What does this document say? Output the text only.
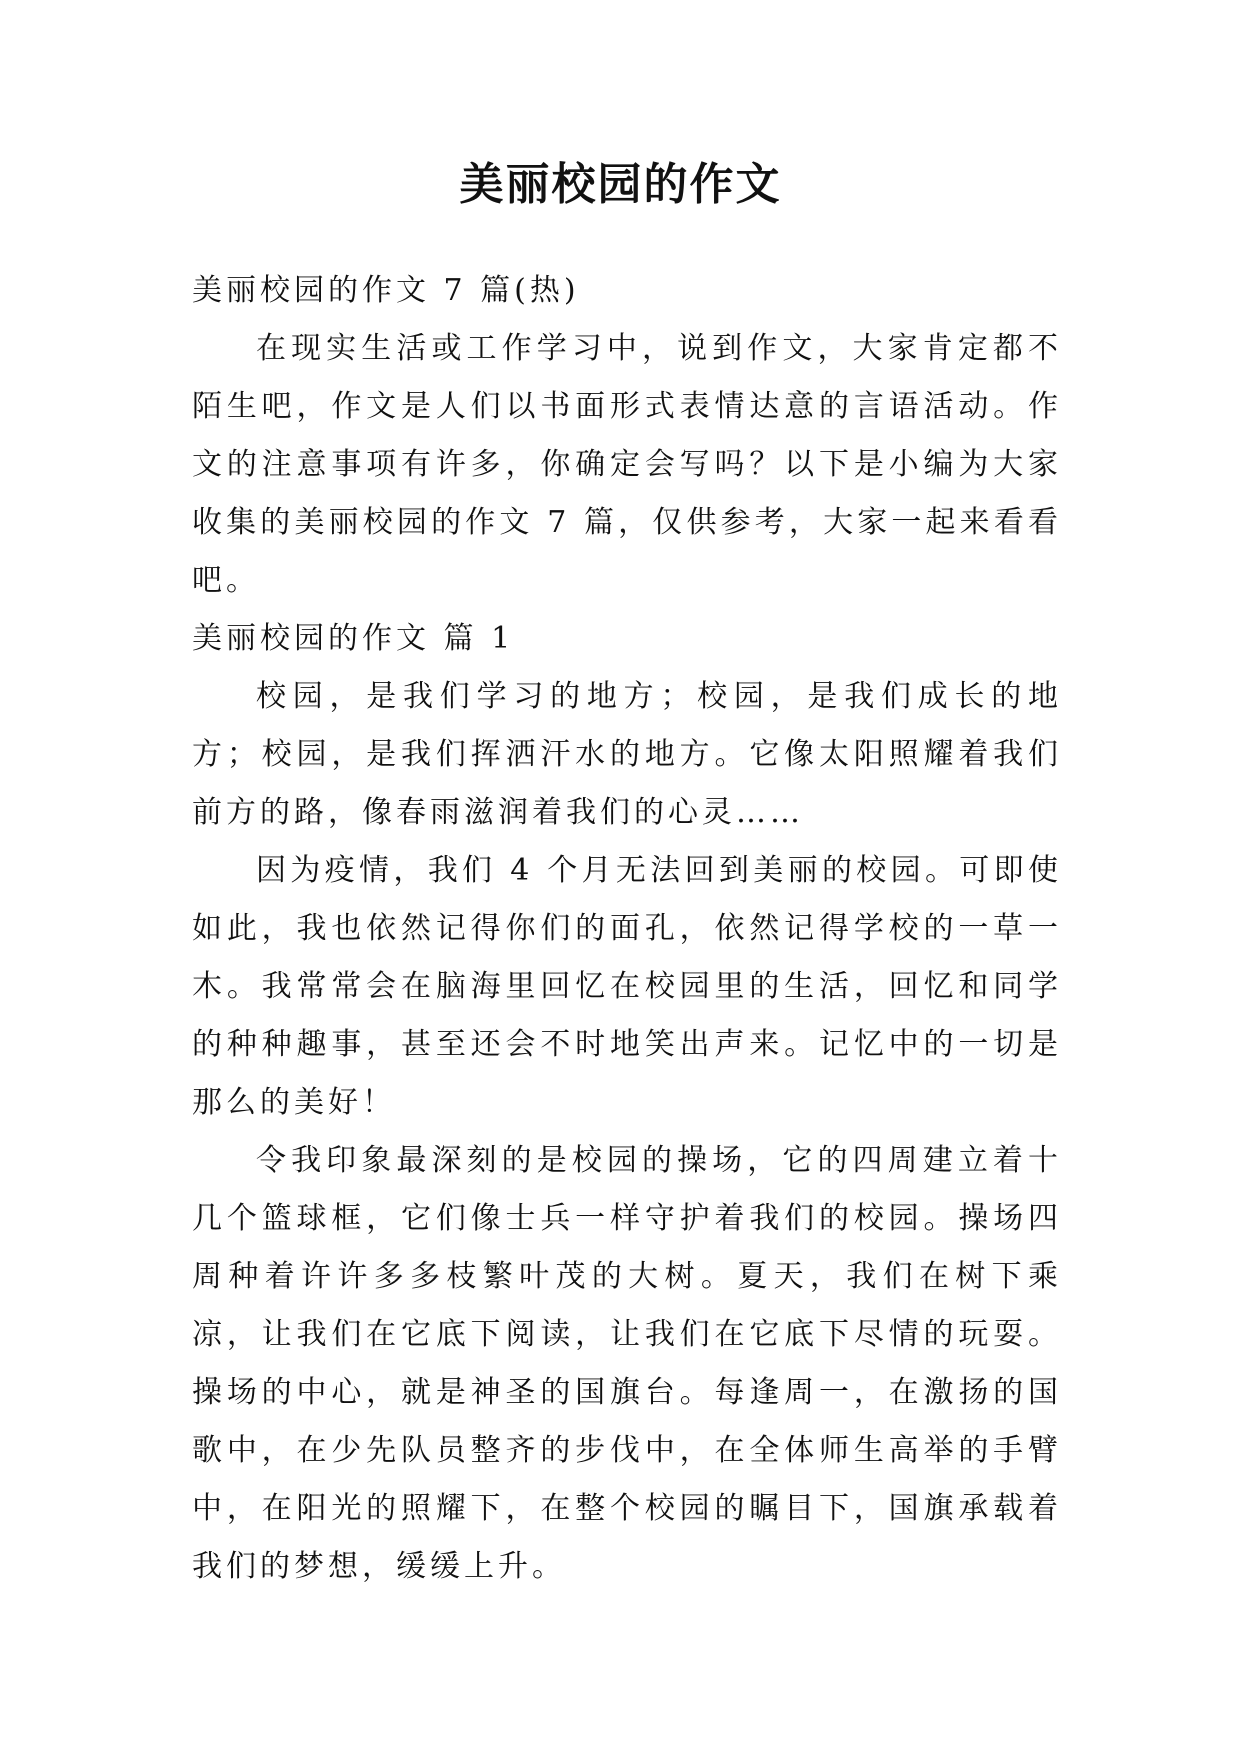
美丽校园的作文

美丽校园的作文 7 篇(热)

在现实生活或工作学习中，说到作文，大家肯定都不陌生吧，作文是人们以书面形式表情达意的言语活动。作文的注意事项有许多，你确定会写吗？以下是小编为大家收集的美丽校园的作文 7 篇，仅供参考，大家一起来看看吧。

美丽校园的作文 篇 1

校园，是我们学习的地方；校园，是我们成长的地方；校园，是我们挥洒汗水的地方。它像太阳照耀着我们前方的路，像春雨滋润着我们的心灵……

因为疫情，我们 4 个月无法回到美丽的校园。可即使如此，我也依然记得你们的面孔，依然记得学校的一草一木。我常常会在脑海里回忆在校园里的生活，回忆和同学的种种趣事，甚至还会不时地笑出声来。记忆中的一切是那么的美好！

令我印象最深刻的是校园的操场，它的四周建立着十几个篮球框，它们像士兵一样守护着我们的校园。操场四周种着许许多多枝繁叶茂的大树。夏天，我们在树下乘凉，让我们在它底下阅读，让我们在它底下尽情的玩耍。操场的中心，就是神圣的国旗台。每逢周一，在激扬的国歌中，在少先队员整齐的步伐中，在全体师生高举的手臂中，在阳光的照耀下，在整个校园的瞩目下，国旗承载着我们的梦想，缓缓上升。
